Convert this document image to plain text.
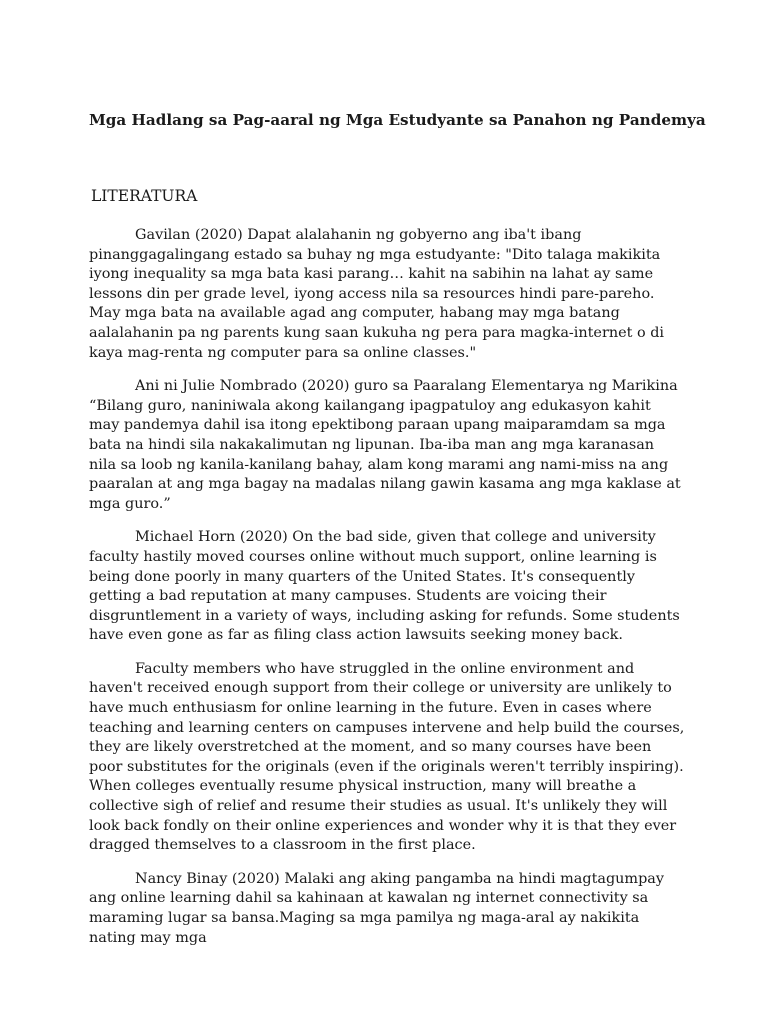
Mga Hadlang sa Pag-aaral ng Mga Estudyante sa Panahon ng Pandemya
LITERATURA

Gavilan (2020) Dapat alalahanin ng gobyerno ang iba't ibang pinanggagalingang estado sa buhay ng mga estudyante: "Dito talaga makikita iyong inequality sa mga bata kasi parang… kahit na sabihin na lahat ay same lessons din per grade level, iyong access nila sa resources hindi pare-pareho. May mga bata na available agad ang computer, habang may mga batang aalalahanin pa ng parents kung saan kukuha ng pera para magka-internet o di kaya mag-renta ng computer para sa online classes."

Ani ni Julie Nombrado (2020) guro sa Paaralang Elementarya ng Marikina “Bilang guro, naniniwala akong kailangang ipagpatuloy ang edukasyon kahit may pandemya dahil isa itong epektibong paraan upang maiparamdam sa mga bata na hindi sila nakakalimutan ng lipunan. Iba-iba man ang mga karanasan nila sa loob ng kanila-kanilang bahay, alam kong marami ang nami-miss na ang paaralan at ang mga bagay na madalas nilang gawin kasama ang mga kaklase at mga guro.”

Michael Horn (2020) On the bad side, given that college and university faculty hastily moved courses online without much support, online learning is being done poorly in many quarters of the United States. It's consequently getting a bad reputation at many campuses. Students are voicing their disgruntlement in a variety of ways, including asking for refunds. Some students have even gone as far as filing class action lawsuits seeking money back.

Faculty members who have struggled in the online environment and haven't received enough support from their college or university are unlikely to have much enthusiasm for online learning in the future. Even in cases where teaching and learning centers on campuses intervene and help build the courses, they are likely overstretched at the moment, and so many courses have been poor substitutes for the originals (even if the originals weren't terribly inspiring). When colleges eventually resume physical instruction, many will breathe a collective sigh of relief and resume their studies as usual. It's unlikely they will look back fondly on their online experiences and wonder why it is that they ever dragged themselves to a classroom in the first place.

Nancy Binay (2020) Malaki ang aking pangamba na hindi magtagumpay ang online learning dahil sa kahinaan at kawalan ng internet connectivity sa maraming lugar sa bansa.Maging sa mga pamilya ng maga-aral ay nakikita nating may mga
